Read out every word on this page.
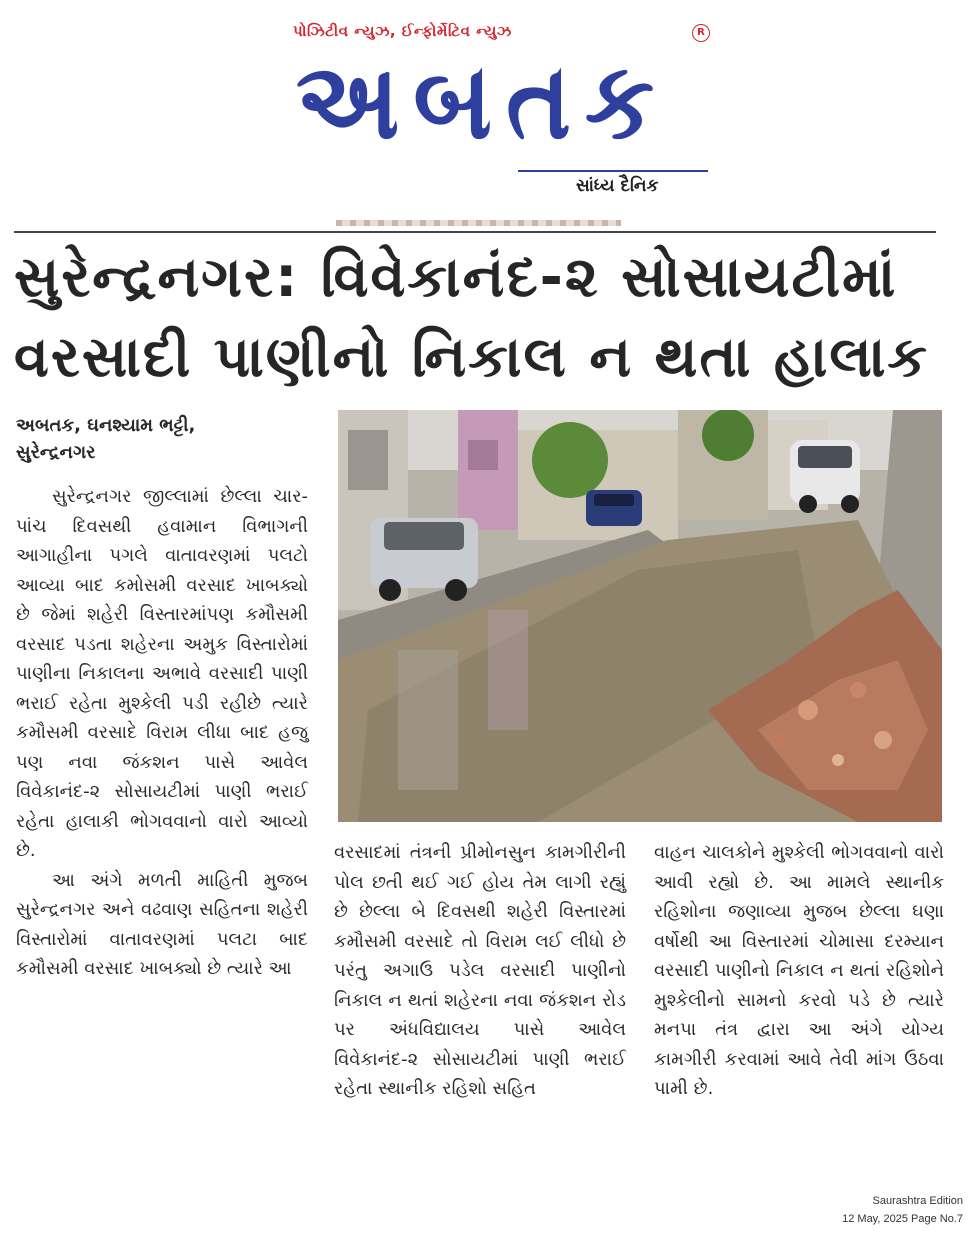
પોઝિટીવ ન્યુઝ, ઈન્ફોર્મેટિવ ન્યુઝ	R
અબતક
સાંધ્ય દૈનિક
સુરેન્દ્રનગર: વિવેકાનંદ-૨ સોસાયટીમાં
વરસાદી પાણીનો નિકાલ ન થતા હાલાક
અબતક, ઘનશ્યામ ભટ્ટી,
સુરેન્દ્રનગર

સુરેન્દ્રનગર જીલ્લામાં છેલ્લા ચાર-પાંચ દિવસથી હવામાન વિભાગની આગાહીના પગલે વાતાવરણમાં પલટો આવ્યા બાદ કમોસમી વરસાદ ખાબક્યો છે જેમાં શહેરી વિસ્તારમાંપણ કમૌસમી વરસાદ પડતા શહેરના અમુક વિસ્તારોમાં પાણીના નિકાલના અભાવે વરસાદી પાણી ભરાઈ રહેતા મુશ્કેલી પડી રહીછે ત્યારે કમૌસમી વરસાદે વિરામ લીધા બાદ હજુ પણ નવા જંકશન પાસે આવેલ વિવેકાનંદ-૨ સોસાયટીમાં પાણી ભરાઈ રહેતા હાલાકી ભોગવવાનો વારો આવ્યો છે.

આ અંગે મળતી માહિતી મુજબ સુરેન્દ્રનગર અને વઢવાણ સહિતના શહેરી વિસ્તારોમાં વાતાવરણમાં પલટા બાદ કમૌસમી વરસાદ ખાબક્યો છે ત્યારે આ

વરસાદમાં તંત્રની પ્રીમોનસુન કામગીરીની પોલ છતી થઈ ગઈ હોય તેમ લાગી રહ્યું છે છેલ્લા બે દિવસથી શહેરી વિસ્તારમાં કમૌસમી વરસાદે તો વિરામ લઈ લીધો છે પરંતુ અગાઉ પડેલ વરસાદી પાણીનો નિકાલ ન થતાં શહેરના નવા જંકશન રોડ પર અંધવિદ્યાલય પાસે આવેલ વિવેકાનંદ-૨ સોસાયટીમાં પાણી ભરાઈ રહેતા સ્થાનીક રહિશો સહિત

વાહન ચાલકોને મુશ્કેલી ભોગવવાનો વારો આવી રહ્યો છે. આ મામલે સ્થાનીક રહિશોના જણાવ્યા મુજબ છેલ્લા ઘણા વર્ષોથી આ વિસ્તારમાં ચોમાસા દરમ્યાન વરસાદી પાણીનો નિકાલ ન થતાં રહિશોને મુશ્કેલીનો સામનો કરવો પડે છે ત્યારે મનપા તંત્ર દ્વારા આ અંગે યોગ્ય કામગીરી કરવામાં આવે તેવી માંગ ઉઠવા પામી છે.

Saurashtra Edition
12 May, 2025 Page No.7
